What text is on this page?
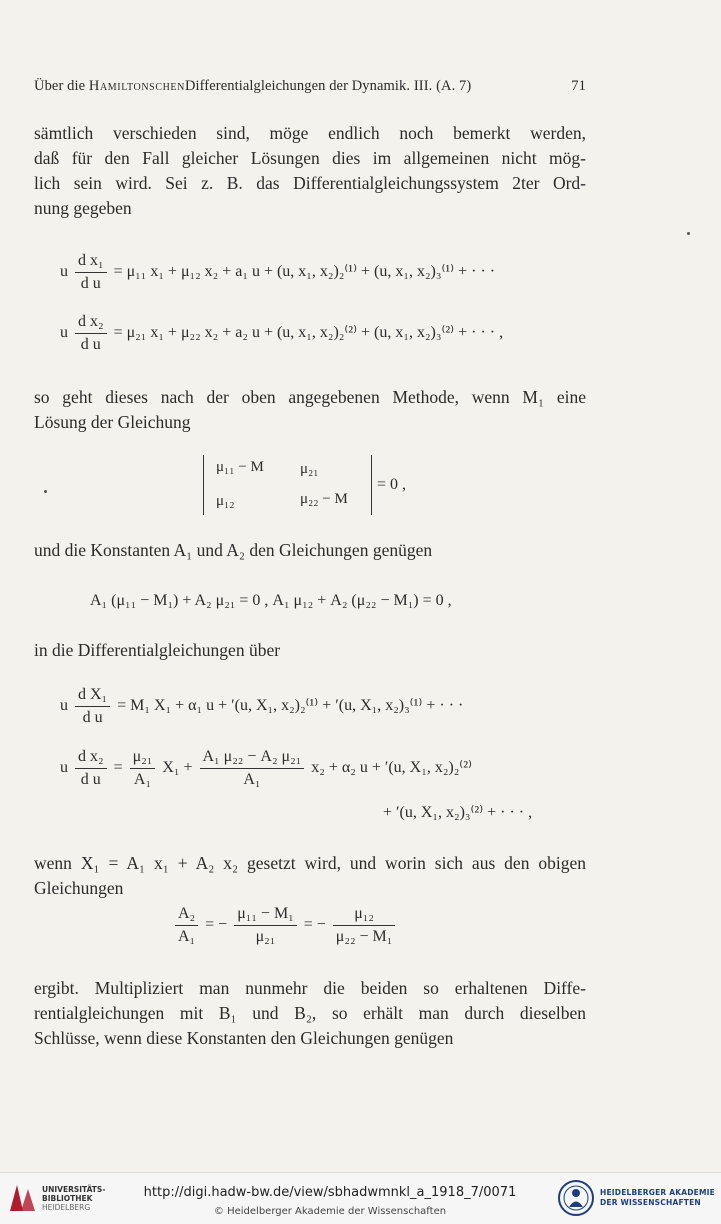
Über die HamiltonschenDifferentialgleichungen der Dynamik. III. (A. 7)	71
sämtlich verschieden sind, möge endlich noch bemerkt werden,
daß für den Fall gleicher Lösungen dies im allgemeinen nicht mög-
lich sein wird. Sei z. B. das Differentialgleichungssystem 2ter Ord-
nung gegeben
u $\frac{\text{d x₁}}{\text{d u}} = \mu_{11}$ x₁ + μ₁₂ x₂ + a₁ u + (u, x₁, x₂)₂⁽¹⁾ + (u, x₁, x₂)₃⁽¹⁾ + · · ·
u $\frac{\text{d x₂}}{\text{d u}} = \mu_{21}$ x₁ + μ₂₂ x₂ + a₂ u + (u, x₁, x₂)₂⁽²⁾ + (u, x₁, x₂)₃⁽²⁾ + · · · ,
so geht dieses nach der oben angegebenen Methode, wenn M₁ eine
Lösung der Gleichung
μ₁₁ − M μ₂₁
μ₁₂	μ₂₂ − M
= 0 ,
und die Konstanten A₁ und A₂ den Gleichungen genügen
A₁ (μ₁₁ − M₁) + A₂ μ₂₁ = 0 , A₁ μ₁₂ + A₂ (μ₂₂ − M₁) = 0 ,
in die Differentialgleichungen über
u $\frac{\text{d X₁}}{\text{d u}} = M_1$ X₁ + α₁ u + ′(u, X₁, x₂)₂⁽¹⁾ + ′(u, X₁, x₂)₃⁽¹⁾ + · · ·
u $\frac{\text{d x₂}}{\text{d u}} = \frac{\text{μ₂₁}}{\text{A₁}} X_1 + \frac{\text{A₁ μ₂₂ − A₂ μ₂₁}}{\text{A₁}} x_2 + \alpha_2$ u + ′(u, X₁, x₂)₂⁽²⁾
+ ′(u, X₁, x₂)₃⁽²⁾ + · · · ,
wenn X₁ = A₁ x₁ + A₂ x₂ gesetzt wird, und worin sich aus den obigen
Gleichungen
$\frac{\text{A₂}}{\text{A₁}}$ = − $\frac{\text{μ₁₁ − M₁}}{\text{μ₂₁}}$ = − $\frac{\text{μ₁₂}}{\text{μ₂₂ − M₁}}$
ergibt. Multipliziert man nunmehr die beiden so erhaltenen Diffe-
rentialgleichungen mit B₁ und B₂, so erhält man durch dieselben
Schlüsse, wenn diese Konstanten den Gleichungen genügen
UNIVERSITÄTS-
BIBLIOTHEK
HEIDELBERG
http://digi.hadw-bw.de/view/sbhadwmnkl_a_1918_7/0071
© Heidelberger Akademie der Wissenschaften
HEIDELBERGER AKADEMIE
DER WISSENSCHAFTEN
